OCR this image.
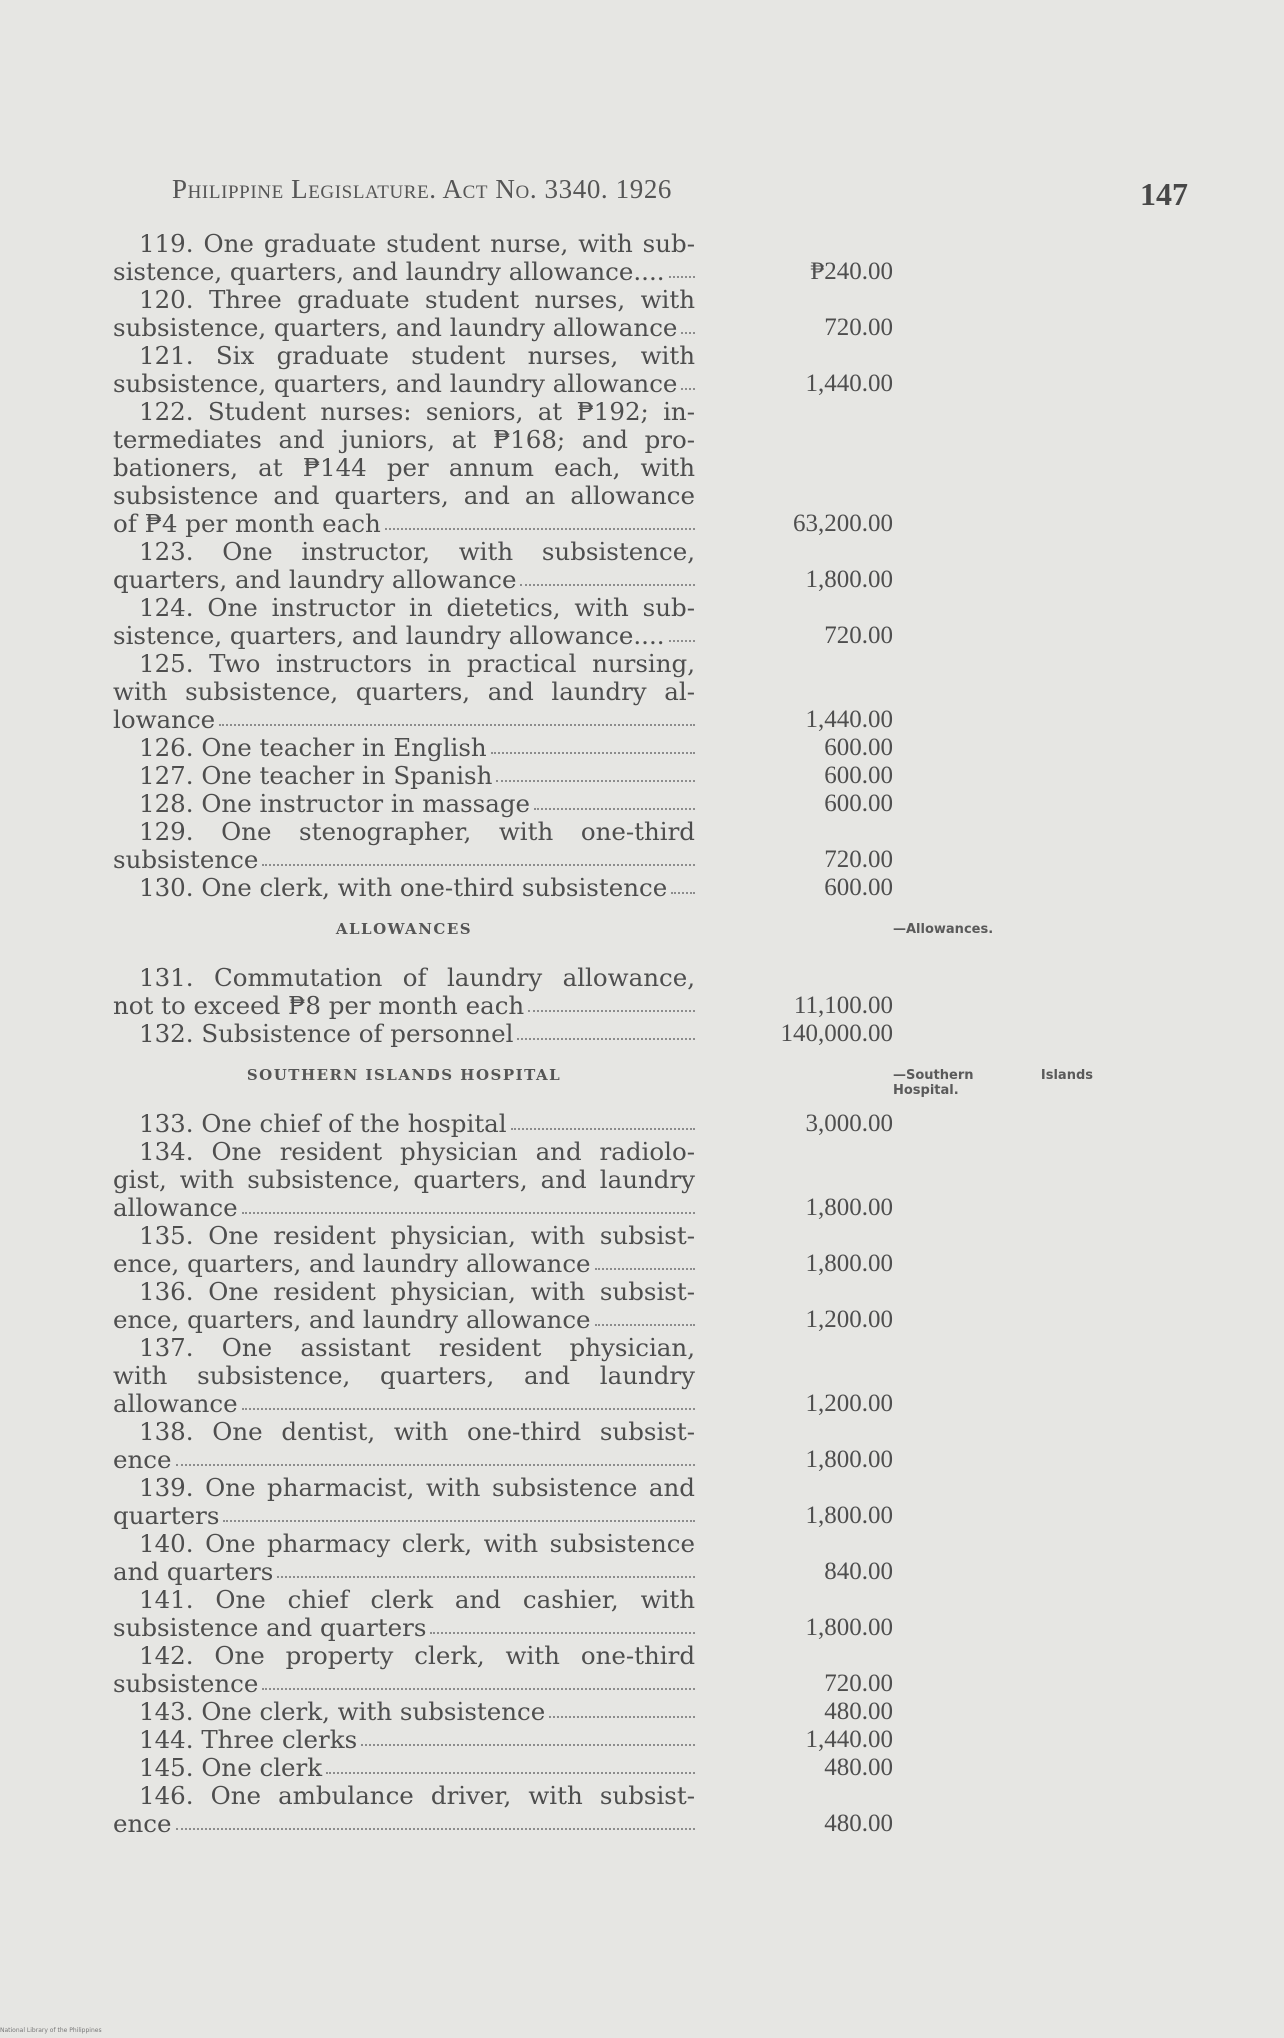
Philippine Legislature. Act No. 3340. 1926	147
119. One graduate student nurse, with sub-
sistence, quarters, and laundry allowance....	₱240.00
120. Three graduate student nurses, with
subsistence, quarters, and laundry allowance	720.00
121. Six graduate student nurses, with
subsistence, quarters, and laundry allowance	1,440.00
122. Student nurses: seniors, at ₱192; in-
termediates and juniors, at ₱168; and pro-
bationers, at ₱144 per annum each, with
subsistence and quarters, and an allowance
of ₱4 per month each	63,200.00
123. One instructor, with subsistence,
quarters, and laundry allowance	1,800.00
124. One instructor in dietetics, with sub-
sistence, quarters, and laundry allowance....	720.00
125. Two instructors in practical nursing,
with subsistence, quarters, and laundry al-
lowance	1,440.00
126. One teacher in English	600.00
127. One teacher in Spanish	600.00
128. One instructor in massage	600.00
129. One stenographer, with one-third
subsistence	720.00
130. One clerk, with one-third subsistence	600.00
ALLOWANCES	—Allowances.
131. Commutation of laundry allowance,
not to exceed ₱8 per month each	11,100.00
132. Subsistence of personnel	140,000.00
SOUTHERN ISLANDS HOSPITAL	—Southern Islands
Hospital.
133. One chief of the hospital	3,000.00
134. One resident physician and radiolo-
gist, with subsistence, quarters, and laundry
allowance	1,800.00
135. One resident physician, with subsist-
ence, quarters, and laundry allowance	1,800.00
136. One resident physician, with subsist-
ence, quarters, and laundry allowance	1,200.00
137. One assistant resident physician,
with subsistence, quarters, and laundry
allowance	1,200.00
138. One dentist, with one-third subsist-
ence	1,800.00
139. One pharmacist, with subsistence and
quarters	1,800.00
140. One pharmacy clerk, with subsistence
and quarters	840.00
141. One chief clerk and cashier, with
subsistence and quarters	1,800.00
142. One property clerk, with one-third
subsistence	720.00
143. One clerk, with subsistence	480.00
144. Three clerks	1,440.00
145. One clerk	480.00
146. One ambulance driver, with subsist-
ence	480.00
National Library of the Philippines
